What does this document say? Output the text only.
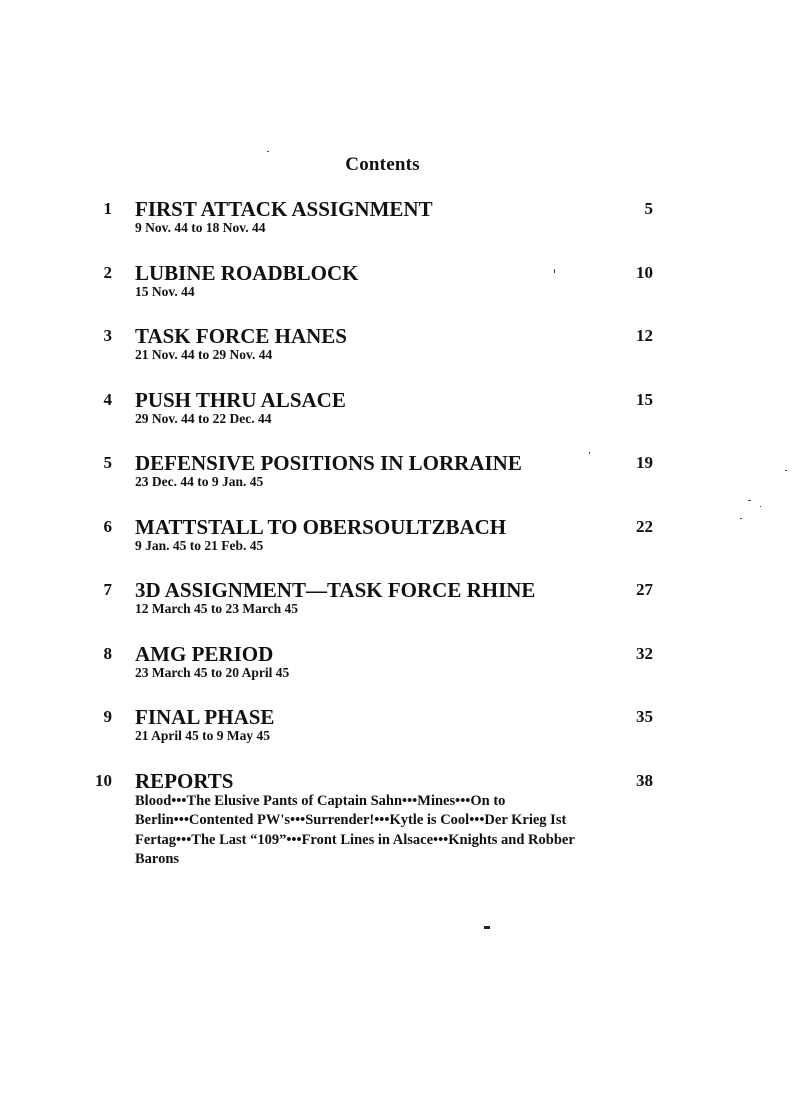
Contents
1 FIRST ATTACK ASSIGNMENT
9 Nov. 44 to 18 Nov. 44
5
2 LUBINE ROADBLOCK
15 Nov. 44
10
3 TASK FORCE HANES
21 Nov. 44 to 29 Nov. 44
12
4 PUSH THRU ALSACE
29 Nov. 44 to 22 Dec. 44
15
5 DEFENSIVE POSITIONS IN LORRAINE
23 Dec. 44 to 9 Jan. 45
19
6 MATTSTALL TO OBERSOULTZBACH
9 Jan. 45 to 21 Feb. 45
22
7 3D ASSIGNMENT—TASK FORCE RHINE
12 March 45 to 23 March 45
27
8 AMG PERIOD
23 March 45 to 20 April 45
32
9 FINAL PHASE
21 April 45 to 9 May 45
35
10 REPORTS
Blood•••The Elusive Pants of Captain Sahn•••Mines•••On to Berlin•••Contented PW's•••Surrender!•••Kytle is Cool•••Der Krieg Ist Fertag•••The Last “109”•••Front Lines in Alsace•••Knights and Robber Barons
38
